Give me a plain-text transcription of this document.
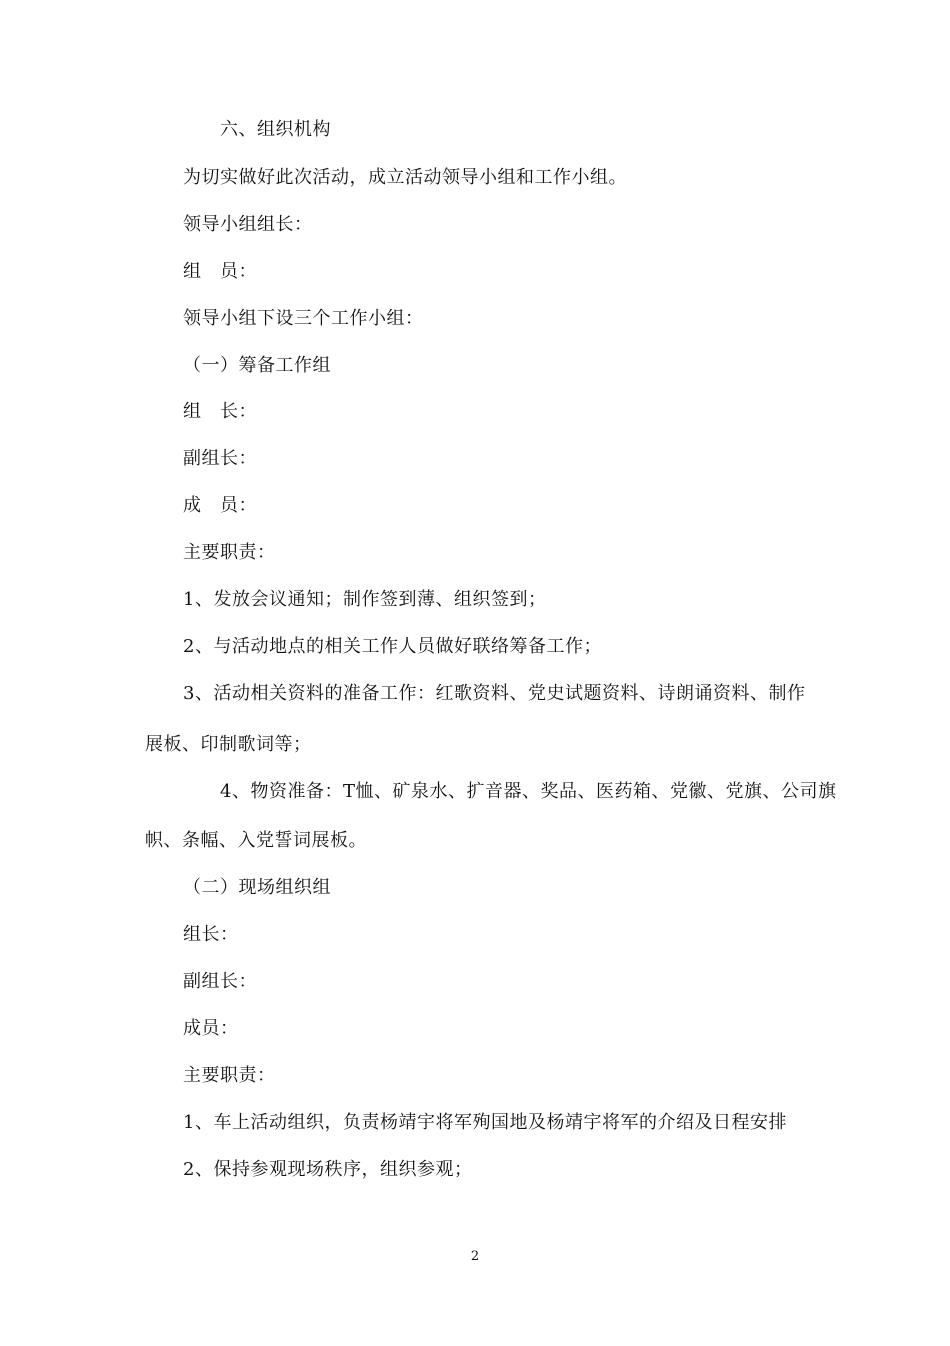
六、组织机构
为切实做好此次活动，成立活动领导小组和工作小组。
领导小组组长：
组　员：
领导小组下设三个工作小组：
（一）筹备工作组
组　长：
副组长：
成　员：
主要职责：
1、发放会议通知；制作签到薄、组织签到；
2、与活动地点的相关工作人员做好联络筹备工作；
3、活动相关资料的准备工作：红歌资料、党史试题资料、诗朗诵资料、制作
展板、印制歌词等；
4、物资准备：T恤、矿泉水、扩音器、奖品、医药箱、党徽、党旗、公司旗
帜、条幅、入党誓词展板。
（二）现场组织组
组长：
副组长：
成员：
主要职责：
1、车上活动组织，负责杨靖宇将军殉国地及杨靖宇将军的介绍及日程安排
2、保持参观现场秩序，组织参观；
2
